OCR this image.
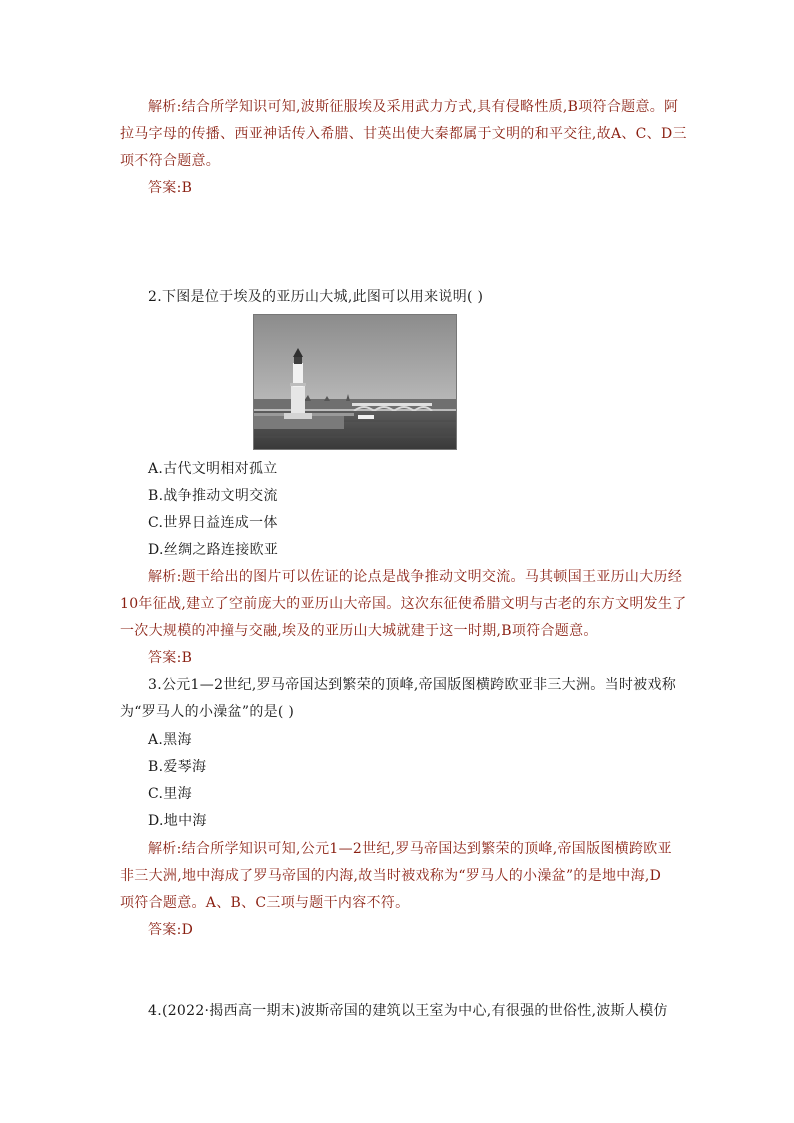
解析:结合所学知识可知,波斯征服埃及采用武力方式,具有侵略性质,B项符合题意。阿
拉马字母的传播、西亚神话传入希腊、甘英出使大秦都属于文明的和平交往,故A、C、D三
项不符合题意。
答案:B
2.下图是位于埃及的亚历山大城,此图可以用来说明( )
A.古代文明相对孤立
B.战争推动文明交流
C.世界日益连成一体
D.丝绸之路连接欧亚
解析:题干给出的图片可以佐证的论点是战争推动文明交流。马其顿国王亚历山大历经
10年征战,建立了空前庞大的亚历山大帝国。这次东征使希腊文明与古老的东方文明发生了
一次大规模的冲撞与交融,埃及的亚历山大城就建于这一时期,B项符合题意。
答案:B
3.公元1—2世纪,罗马帝国达到繁荣的顶峰,帝国版图横跨欧亚非三大洲。当时被戏称
为“罗马人的小澡盆”的是( )
A.黑海
B.爱琴海
C.里海
D.地中海
解析:结合所学知识可知,公元1—2世纪,罗马帝国达到繁荣的顶峰,帝国版图横跨欧亚
非三大洲,地中海成了罗马帝国的内海,故当时被戏称为“罗马人的小澡盆”的是地中海,D
项符合题意。A、B、C三项与题干内容不符。
答案:D
4.(2022·揭西高一期末)波斯帝国的建筑以王室为中心,有很强的世俗性,波斯人模仿
